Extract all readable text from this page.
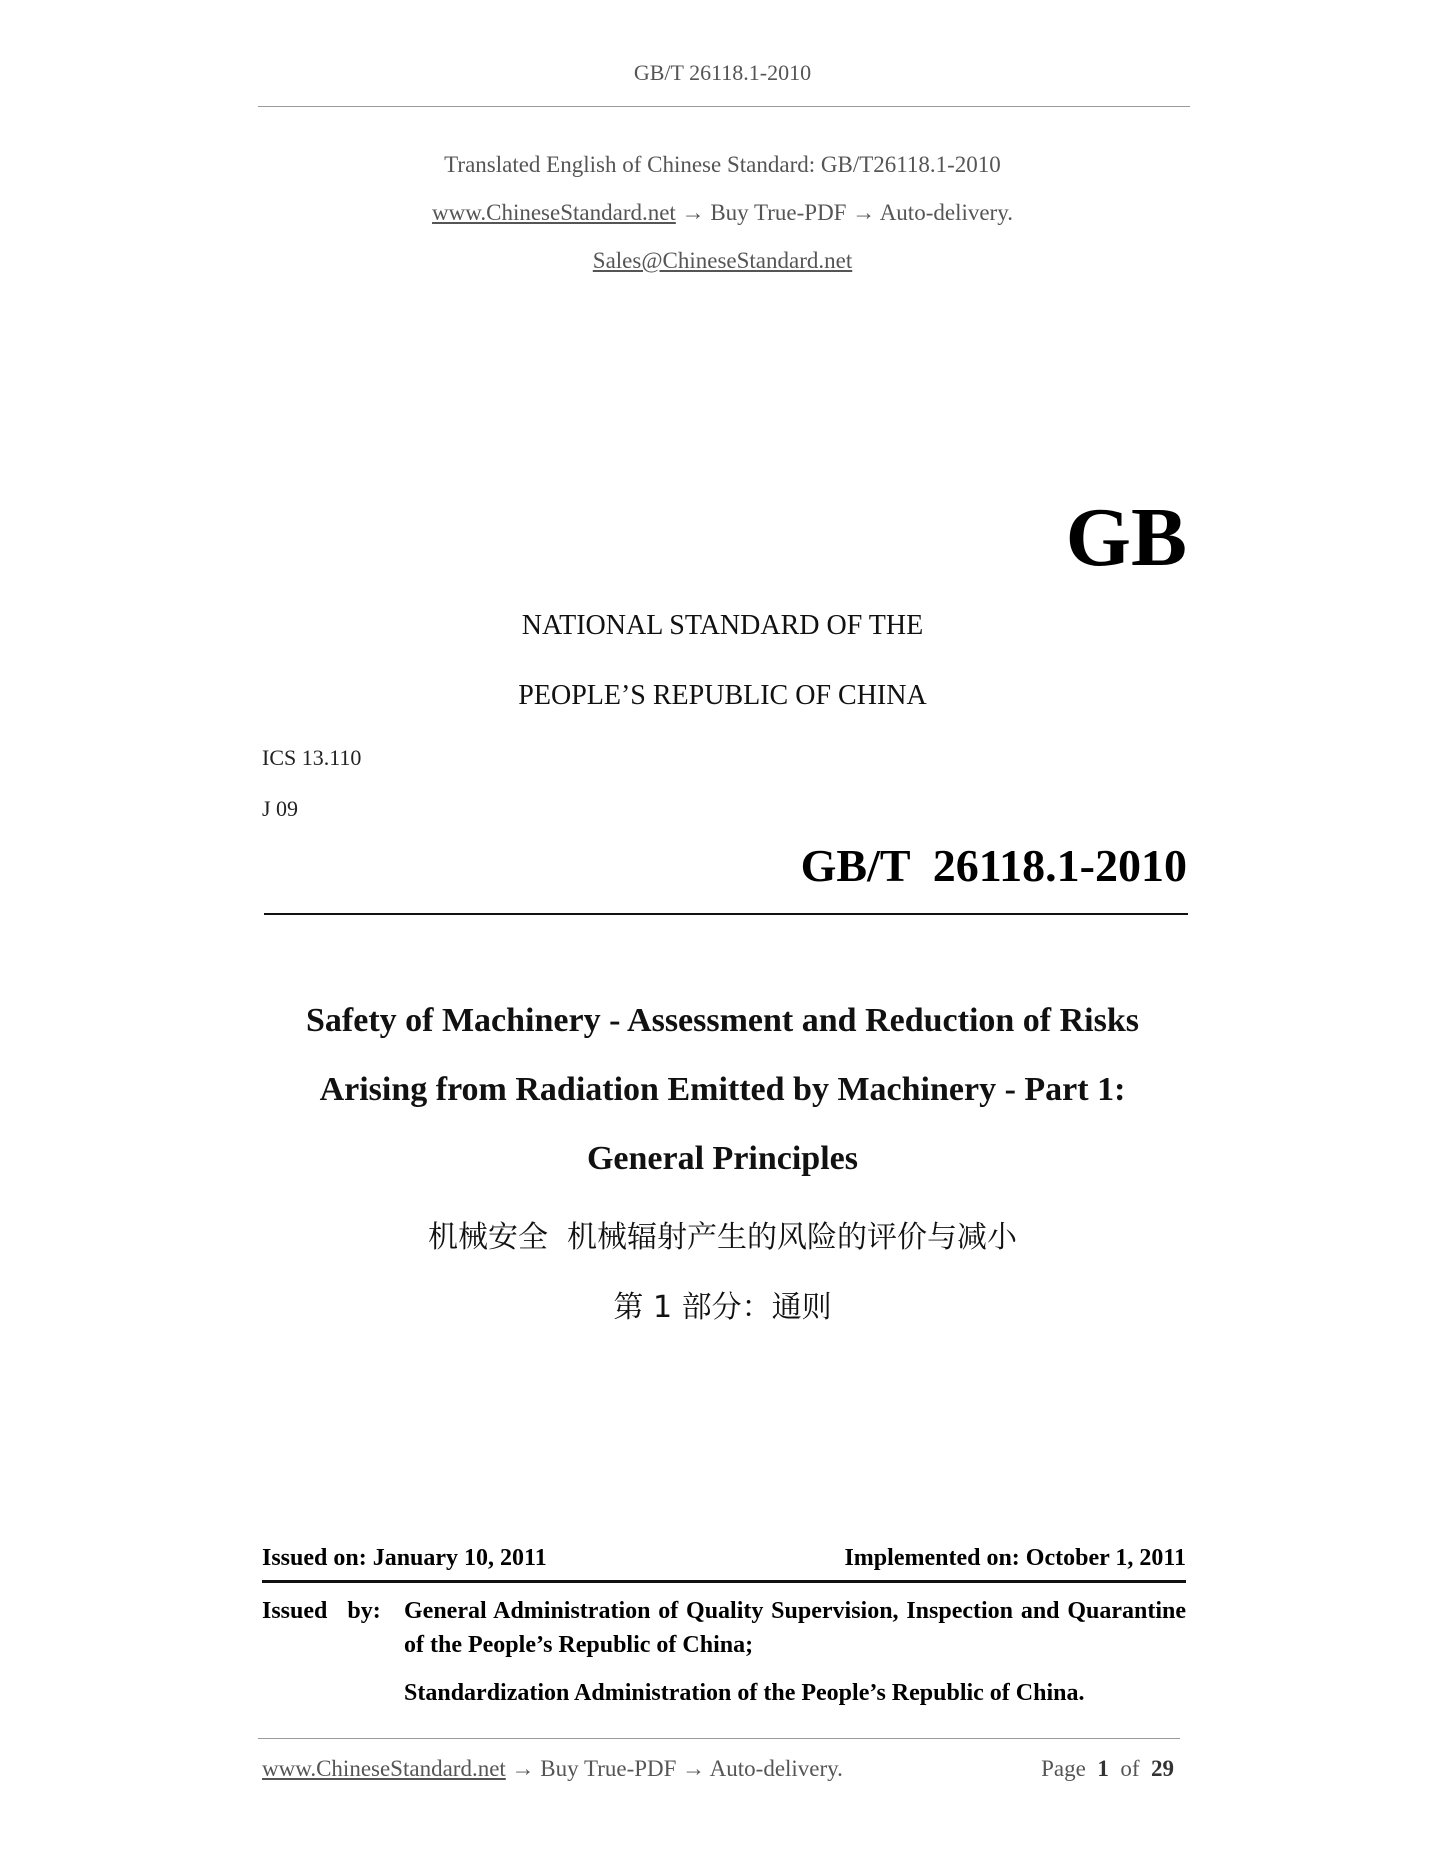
GB/T 26118.1-2010
Translated English of Chinese Standard: GB/T26118.1-2010
www.ChineseStandard.net → Buy True-PDF → Auto-delivery.
Sales@ChineseStandard.net
GB
NATIONAL STANDARD OF THE
PEOPLE’S REPUBLIC OF CHINA
ICS 13.110
J 09
GB/T  26118.1-2010
Safety of Machinery - Assessment and Reduction of Risks
Arising from Radiation Emitted by Machinery - Part 1:
General Principles
机械安全  机械辐射产生的风险的评价与减小
第 1 部分：通则
Issued on: January 10, 2011	Implemented on: October 1, 2011
Issued by: General Administration of Quality Supervision, Inspection and Quarantine of the People’s Republic of China;
Standardization Administration of the People’s Republic of China.
www.ChineseStandard.net → Buy True-PDF → Auto-delivery.	Page 1 of 29
